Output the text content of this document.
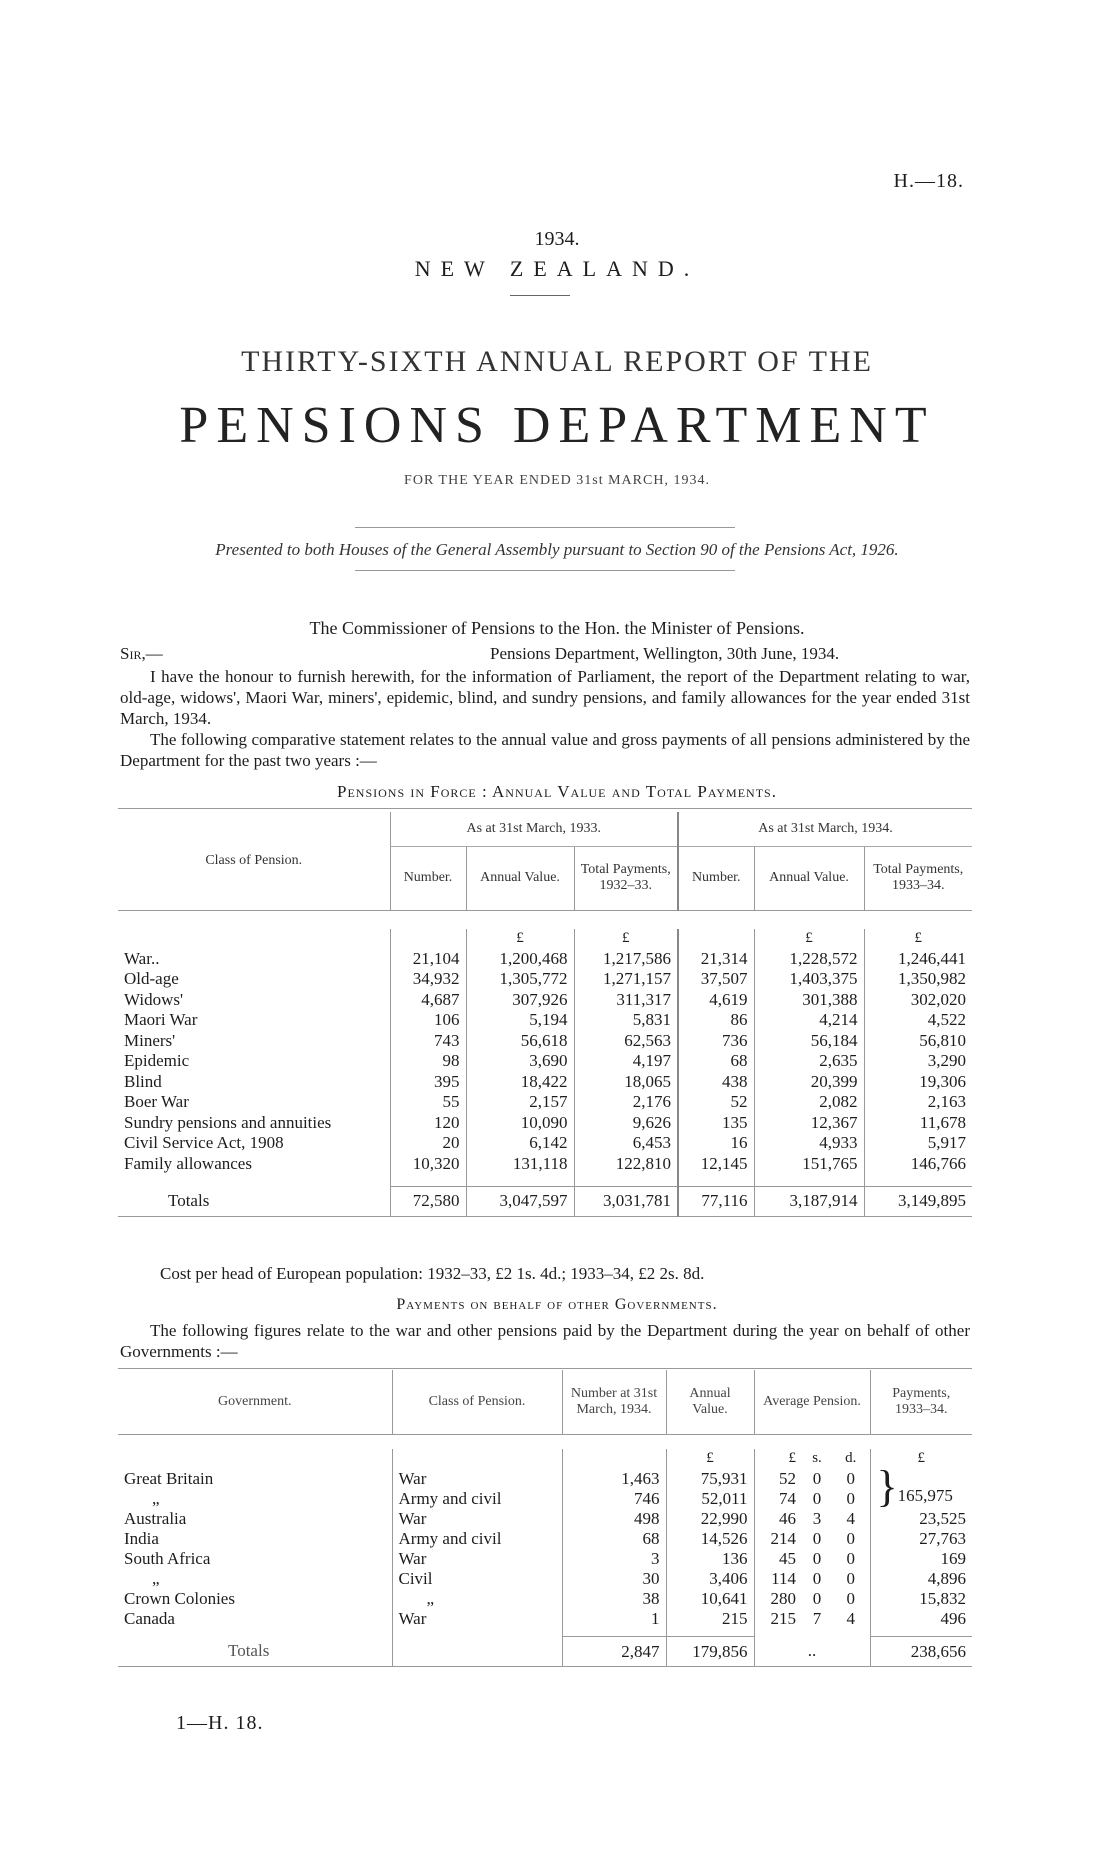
H.—18.
1934.
NEW ZEALAND.
THIRTY-SIXTH ANNUAL REPORT OF THE
PENSIONS DEPARTMENT
FOR THE YEAR ENDED 31st MARCH, 1934.
Presented to both Houses of the General Assembly pursuant to Section 90 of the Pensions Act, 1926.
The Commissioner of Pensions to the Hon. the Minister of Pensions.
Sir,—	Pensions Department, Wellington, 30th June, 1934.
I have the honour to furnish herewith, for the information of Parliament, the report of the Department relating to war, old-age, widows', Maori War, miners', epidemic, blind, and sundry pensions, and family allowances for the year ended 31st March, 1934.
The following comparative statement relates to the annual value and gross payments of all pensions administered by the Department for the past two years :—
Pensions in Force : Annual Value and Total Payments.
Class of Pension.	As at 31st March, 1933.			As at 31st March, 1934.		
	Number.	Annual Value.	Total Payments, 1932–33.	Number.	Annual Value.	Total Payments, 1933–34.

		£	£		£	£
War..	21,104	1,200,468	1,217,586	21,314	1,228,572	1,246,441
Old-age	34,932	1,305,772	1,271,157	37,507	1,403,375	1,350,982
Widows'	4,687	307,926	311,317	4,619	301,388	302,020
Maori War	106	5,194	5,831	86	4,214	4,522
Miners'	743	56,618	62,563	736	56,184	56,810
Epidemic	98	3,690	4,197	68	2,635	3,290
Blind	395	18,422	18,065	438	20,399	19,306
Boer War	55	2,157	2,176	52	2,082	2,163
Sundry pensions and annuities	120	10,090	9,626	135	12,367	11,678
Civil Service Act, 1908	20	6,142	6,453	16	4,933	5,917
Family allowances	10,320	131,118	122,810	12,145	151,765	146,766

Totals	72,580	3,047,597	3,031,781	77,116	3,187,914	3,149,895

Cost per head of European population: 1932–33, £2 1s. 4d.; 1933–34, £2 2s. 8d.
Payments on behalf of other Governments.
The following figures relate to the war and other pensions paid by the Department during the year on behalf of other Governments :—
Government.	Class of Pension.	Number at 31st March, 1934.	Annual Value.	Average Pension.			Payments, 1933–34.

			£	£	s.	d.	£
Great Britain	War	1,463	75,931	52	0	0	}165,975
„	Army and civil	746	52,011	74	0	0	
Australia	War	498	22,990	46	3	4	23,525
India	Army and civil	68	14,526	214	0	0	27,763
South Africa	War	3	136	45	0	0	169
„	Civil	30	3,406	114	0	0	4,896
Crown Colonies	„	38	10,641	280	0	0	15,832
Canada	War	1	215	215	7	4	496

Totals		2,847	179,856	..			238,656

1—H. 18.
